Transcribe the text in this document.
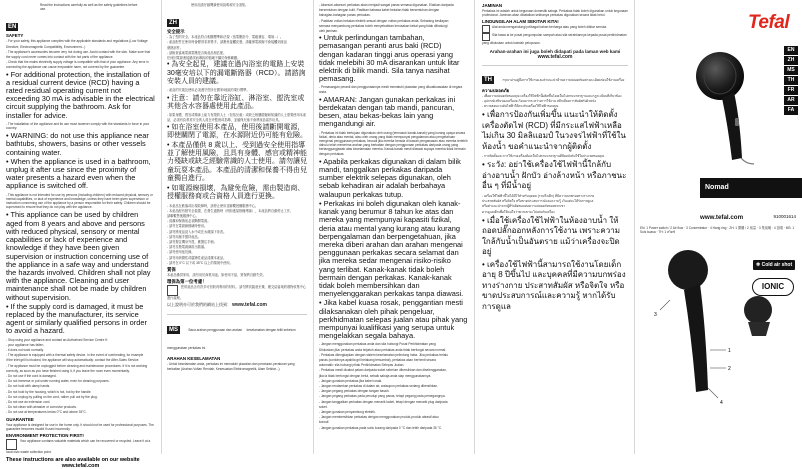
Read the instructions carefully as well as the safety guidelines before use.
EN
SAFETY
- For your safety, this appliance complies with the applicable standards and regulations (Low Voltage
Directive, Electromagnetic Compatibility, Environment...)
- The appliance's accessories become very hot during use. Avoid contact with the skin. Make sure that
the supply cord never comes into contact with the hot parts of the appliance.
- Check that the mains electricity supply voltage is compatible with that of your appliance. Any error in
connecting the appliance can cause irreparable harm, not covered by the guarantee.
• For additional protection, the installation of a residual current device (RCD) having a rated residual operating current not exceeding 30 mA is advisable in the electrical circuit supplying the bathroom. Ask for installer for advice.
- The installation of the appliance and its use must however comply with the standards in force in your country.
• WARNING: do not use this appliance near bathtubs, showers, basins or other vessels containing water.
• When the appliance is used in a bathroom, unplug it after use since the proximity of water presents a hazard even when the appliance is switched off.
- This appliance is not intended for use by persons (including children) with reduced physical, sensory or mental capabilities, or lack of experience and knowledge, unless they have been given supervision or instruction concerning use of the appliance by a person responsible for their safety. Children should be supervised to ensure that they do not play with the appliance.
• This appliance can be used by children aged from 8 years and above and persons with reduced physical, sensory or mental capabilities or lack of experience and knowledge if they have been given supervision or instruction concerning use of the appliance in a safe way and understand the hazards involved. Children shall not play with the appliance. Cleaning and user maintenance shall not be made by children without supervision.
• If the supply cord is damaged, it must be replaced by the manufacturer, its service agent or similarly qualified persons in order to avoid a hazard.
- Stop using your appliance and contact an Authorised Service Centre if:
- your appliance has fallen,
- it does not work normally.
- The appliance is equipped with a thermal safety device. In the event of overheating, for example
if the inlet grill is blocked, the appliance will stop automatically: contact the After-Sales Service.
- The appliance must be unplugged before cleaning and maintenance procedures. If it is not working
correctly, as soon as you have finished using it, if you leave the room even momentarily.
- Do not use if the cord is damaged.
- Do not immerse or put under running water, even for cleaning purposes.
- Do not hold with damp hands.
- Do not hold by the housing, which is hot, but by the handle.
- Do not unplug by pulling on the cord, rather pull out by the plug.
- Do not use an extension cord.
- Do not clean with abrasive or corrosive products.
- Do not use at temperatures below 0°C and above 35°C.
GUARANTEE
Your appliance is designed for use in the home only. It should not be used for professional purposes. The guarantee becomes invalid if used incorrectly.
ENVIRONMENT PROTECTION FIRST!
Your appliance contains valuable materials which can be recovered or recycled. Leave it at a local civic waste collection point.
These instructions are also available on our website
www.tefal.com
使用前請仔細閱讀使用說明和安全須知。
ZH
安全提示
- 為了您的安全，本產品符合相關標準和法規（低電壓指令、電磁兼容、環境...）。
- 產品配件在使用時會變得非常燙手，請避免接觸皮膚。請確保電源線不會接觸到產品
發熱部件。
- 請檢查當地電源電壓是否與產品相匹配。
任何因電源連接錯誤而導致的損壞不屬於保修範圍。
• 為安全起見，建議在過內浴室的電路上安裝30毫安培以下的漏電斷路器（RCD）。請諮詢安裝人員的建議。
- 產品的安裝及使用必須遵守您所在國家/地區的現行標準。
• 注意：請勿在靠近浴缸、淋浴室、盥洗室或其他含水容器處使用此產品。
- 如果身體、感官或精神上能力有限的人士（包括兒童）或缺乏相關經驗和知識的人士需要使用本產品，必須有負責其安全的人員在旁監督或指導，並確保兒童不會將產品當作玩具。
• 如在浴室使用本產品，使用後請斷開電源，即使關閉了電源，在水源附近仍可能有危險。
• 本產品僅供 8 歲以上、受到過安全使用指導並了解使用風險，且具有身體、感官或精神能力殘缺或缺乏經驗常識的人士使用。請勿讓兒童玩耍本產品。本產品的清潔和保養不得由兒童獨自進行。
• 如電源線損壞，為避免危險，需由製造商、授權服務商或合資格人員進行更換。
- 本產品在跌落或出現故障時，請停止使用並聯繫授權服務中心。
- 本產品配有熱安全裝置，在發生過熱時（例如進氣格柵堵塞），本產品將自動停止工作，
請聯繫售後服務中心。
- 清潔和保養前必須斷開電源。
- 請勿在電源線損壞時使用。
- 請勿將產品浸入水中或在水龍頭下沖洗。
- 請勿用濕手握持產品。
- 請勿握住機身外殼，應握住手柄。
- 請勿拉拽電源線拔出插頭。
- 請勿使用延長線。
- 請勿用研磨性或腐蝕性產品清潔本產品。
- 請勿在 0°C 以下或 35°C 以上的環境中使用。
質保
本產品僅供家用，請勿用於商業用途。如使用不當，質保將自動失效。
環保為第一位考慮！
您的產品含有許多可回收再利用的材料。 請勿將其隨意丟棄，應交給當地的廢物收集中心進行處理。
以上說明亦可於我們的網站上找到： www.tefal.com
MS	Baca arahan penggunaan dan arahan keselamatan dengan teliti sebelum menggunakan perkakas ini.
ARAHAN KESELAMATAN
- Untuk keselamatan anda, perkakas ini mematuhi piawaian dan peraturan-peraturan yang berkaitan (Arahan Voltan Rendah, Kesesuaian Elektromagnetik, Alam Sekitar...).
- Aksesori-aksesori perkakas akan menjadi sangat panas semasa digunakan. Elakkan daripada
bersentuhan dengan kulit. Pastikan bahawa kabel bekalan tidak bersentuhan dengan
bahagian-bahagian panas perkakas.
- Pastikan voltan bekalan elektrik sesuai dengan voltan perkakas anda. Sebarang kesilapan
semasa menyambung perkakas boleh menyebabkan kerosakan kekal yang tidak dilindungi
oleh jaminan.
• Untuk perlindungan tambahan, pemasangan peranti arus baki (RCD) dengan kadaran tinggi arus operasi yang tidak melebihi 30 mA disarankan untuk litar elektrik di bilik mandi. Sila tanya nasihat pemasang.
- Pemasangan peranti dan penggunaannya mesti mematuhi piawaian yang dikuatkuasakan di negara anda.
• AMARAN: Jangan gunakan perkakas ini berdekatan dengan tab mandi, pancuran, besen, atau bekas-bekas lain yang mengandungi air.
- Perkakas ini tidak bertujuan digunakan oleh orang (termasuk kanak-kanak) yang kurang upaya secara fizikal, deria atau mental, atau oleh orang yang tidak mempunyai pengalaman atau pengetahuan mengenai penggunaan perkakas, kecuali jika mereka berada di bawah pengawasan atau mereka terlebih dahulu telah menerima arahan yang berkaitan dengan penggunaan perkakas daripada orang yang bertanggungjawab atas keselamatan mereka. Kanak-kanak mesti diawasi supaya mereka tidak bermain dengan perkakas.
• Apabila perkakas digunakan di dalam bilik mandi, tanggalkan perkakas daripada sumber elektrik selepas digunakan, oleh sebab kehadiran air adalah berbahaya walaupun perkakas tutup.
• Perkakas ini boleh digunakan oleh kanak-kanak yang berumur 8 tahun ke atas dan mereka yang mempunyai kapasiti fizikal, deria atau mental yang kurang atau kurang berpengalaman dan berpengetahuan, jika mereka diberi arahan dan arahan mengenai penggunaan perkakas secara selamat dan jika mereka sedar mengenai risiko-risiko yang terlibat. Kanak-kanak tidak boleh bermain dengan perkakas. Kanak-kanak tidak boleh membersihkan dan menyelenggarakan perkakas tanpa diawasi.
• Jika kabel kuasa rosak, penggantian mesti dilaksanakan oleh pihak pengeluar, perkhidmatan selepas jualan atau pihak yang mempunyai kualifikasi yang serupa untuk mengelakkan segala bahaya.
- Jangan menggunakan perkakas anda dan sila hubungi Pusat Perkhidmatan yang
Diluluskan jika: perkakas anda terjatuh atau perkakas anda tidak berfungsi secara normal.
- Perkakas dilengkapkan dengan sistem keselamatan pelindung haba. Jika perkakas terlalu
panas (contohnya apabila gril belakang tersumbat), perkakas akan berhenti secara
automatik: sila hubungi pihak Perkhidmatan Selepas Jualan.
- Perkakas mesti dicabut palam daripada soket sebelum dibersihkan dan diselenggarakan,
jika ia tidak berfungsi dengan betul, sebaik sahaja anda siap menggunakannya.
- Jangan gunakan perkakas jika kabel rosak.
- Jangan rendamkan perkakas di dalam air, walaupun perkakas sedang dibersihkan.
- Jangan pegang perkakas dengan tangan basah.
- Jangan pegang perkakas pada penutup yang panas, tetapi pegang pada pemegangnya.
- Jangan tanggalkan perkakas dengan menarik kabel, tetapi dengan menarik plug daripada
soket.
- Jangan gunakan penyambung elektrik.
- Jangan membersihkan perkakas dengan menggunakan produk-produk abrasif atau
korosif.
- Jangan gunakan perkakas pada suhu kurang daripada 0 °C dan lebih daripada 35 °C.
JAMINAN
Perkakas ini adalah untuk kegunaan domestik sahaja. Perkakas tidak boleh digunakan untuk kegunaan profesional. Jaminan akan dibatalkan sekiranya perkakas digunakan secara tidak betul.
LINDUNGILAH ALAM SEKITAR KITA!
Alat anda mengandungi pelbagai bahan berharga atau yang boleh dikitar semula.
Sila bawa ia ke pusat pengumpulan sampah atau sila serahkannya kepada pusat perkhidmatan yang diluluskan untuk kaedah pelupusan.
Arahan-arahan ini juga boleh didapati pada laman web kami
www.tefal.com
TH	กรุณาอ่านคู่มือการใช้งานและคำแนะนำด้านความปลอดภัยอย่างละเอียดก่อนใช้งานเครื่อง
ความปลอดภัย
- เพื่อความปลอดภัยของคุณ เครื่องใช้ไฟฟ้านี้ผลิตขึ้นโดยเป็นไปตามมาตรฐานและกฎระเบียบที่เกี่ยวข้อง
- อุปกรณ์เสริมของเครื่องจะร้อนมากระหว่างการใช้งาน หลีกเลี่ยงการสัมผัสกับผิวหนัง
- ตรวจสอบแรงดันไฟฟ้าให้ตรงกับเครื่องใช้ไฟฟ้าของคุณ
• เพื่อการป้องกันเพิ่มขึ้น แนะนำให้ติดตั้งเครื่องตัดไฟ (RCD) ที่มีกระแสไฟฟ้าเหลือไม่เกิน 30 มิลลิแอมป์ ในวงจรไฟฟ้าที่ใช้ในห้องน้ำ ขอคำแนะนำจากผู้ติดตั้ง
- การติดตั้งและการใช้งานเครื่องต้องเป็นไปตามมาตรฐานที่มีผลบังคับใช้ในประเทศของคุณ
• ระวัง: อย่าใช้เครื่องใช้ไฟฟ้านี้ใกล้กับอ่างอาบน้ำ ฝักบัว อ่างล้างหน้า หรือภาชนะอื่น ๆ ที่มีน้ำอยู่
- เครื่องใช้ไฟฟ้านี้ไม่ได้มีไว้สำหรับบุคคล (รวมถึงเด็ก) ที่มีความบกพร่องทางร่างกาย
ประสาทสัมผัส หรือจิตใจ หรือขาดประสบการณ์และความรู้ เว้นแต่จะได้รับการดูแล
หรือคำแนะนำจากผู้ที่รับผิดชอบต่อความปลอดภัยของพวกเขา
ควรดูแลเด็กเพื่อให้แน่ใจว่าพวกเขาจะไม่เล่นกับเครื่อง
• เมื่อใช้เครื่องใช้ไฟฟ้าในห้องอาบน้ำ ให้ถอดปลั๊กออกหลังการใช้งาน เพราะความใกล้กับน้ำเป็นอันตราย แม้ว่าเครื่องจะปิดอยู่
• เครื่องใช้ไฟฟ้านี้สามารถใช้งานโดยเด็กอายุ 8 ปีขึ้นไป และบุคคลที่มีความบกพร่องทางร่างกาย ประสาทสัมผัส หรือจิตใจ หรือขาดประสบการณ์และความรู้ หากได้รับการดูแล
Tefal
EN
ZH
MS
TH
FR
AR
FA
Nomad
www.tefal.com	910001614
EN: 1 Power switch / 2 Air flow · 3 Concentrator · 4 Hang ring · ZH: 1 開關 / 2 風量 · 3 集風嘴 · 4 掛環 · MS: 1 Suis kuasa · TH: 1 สวิตช์
1
2
3
4
❄ Cold air shot
IONIC
